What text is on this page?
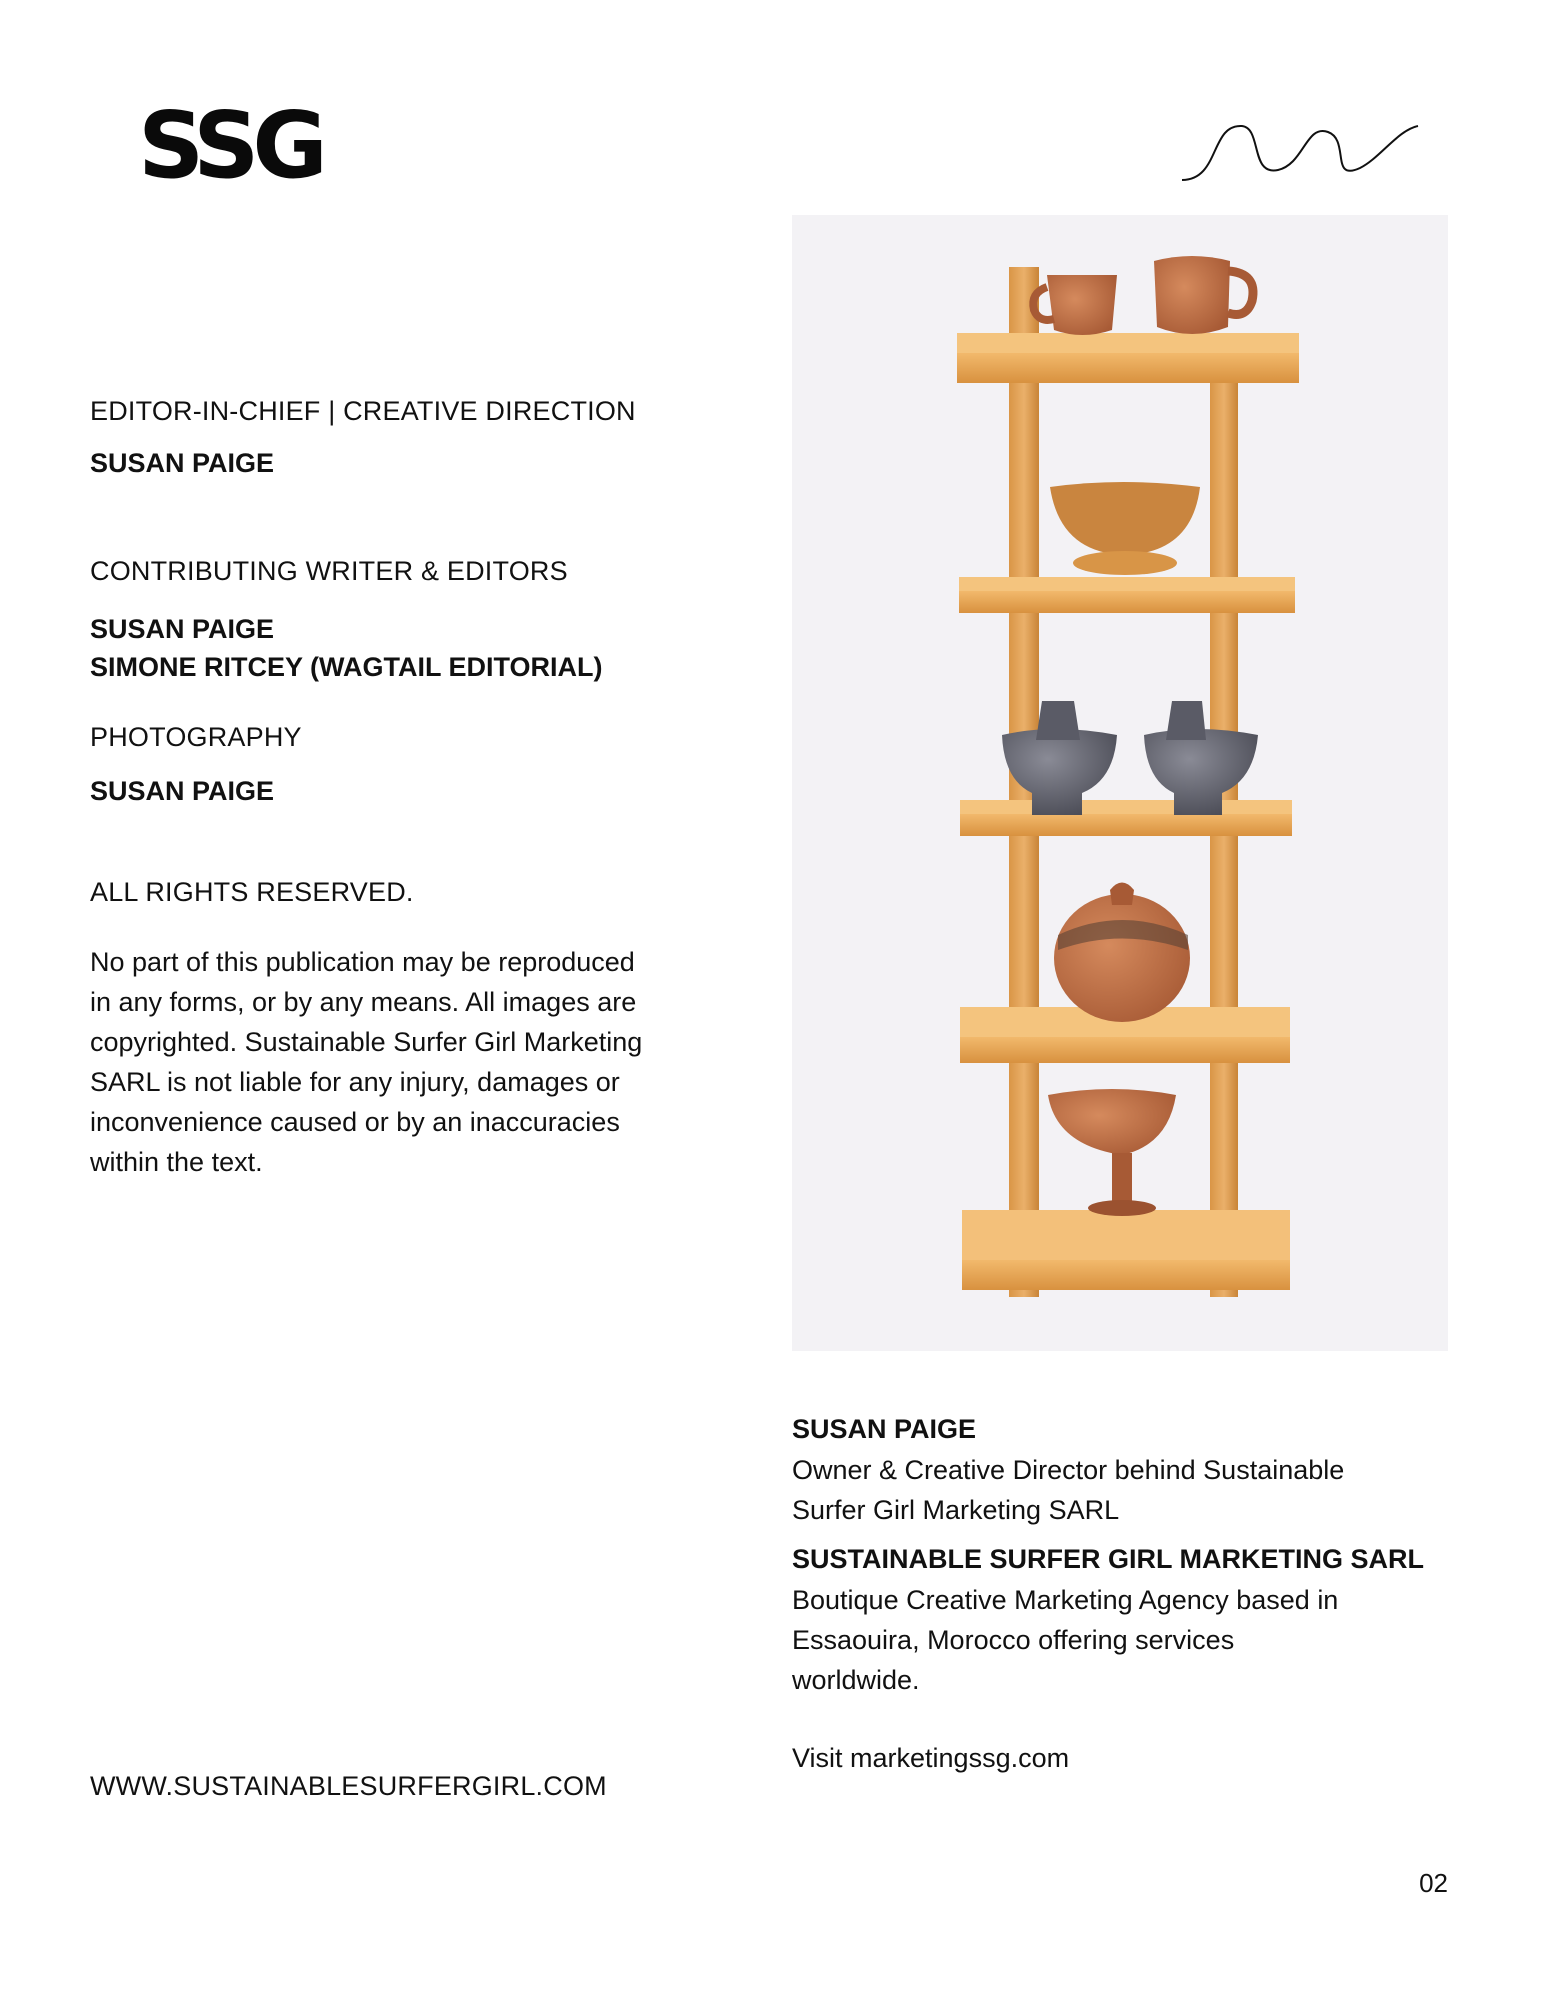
SSG
EDITOR-IN-CHIEF | CREATIVE DIRECTION
SUSAN PAIGE
CONTRIBUTING WRITER & EDITORS
SUSAN PAIGE
SIMONE RITCEY (WAGTAIL EDITORIAL)
PHOTOGRAPHY
SUSAN PAIGE
ALL RIGHTS RESERVED.
No part of this publication may be reproduced
in any forms, or by any means. All images are
copyrighted. Sustainable Surfer Girl Marketing
SARL is not liable for any injury, damages or
inconvenience caused or by an inaccuracies
within the text.
WWW.SUSTAINABLESURFERGIRL.COM
SUSAN PAIGE
Owner & Creative Director behind Sustainable
Surfer Girl Marketing SARL
SUSTAINABLE SURFER GIRL MARKETING SARL
Boutique Creative Marketing Agency based in
Essaouira, Morocco offering services
worldwide.
Visit marketingssg.com
02
